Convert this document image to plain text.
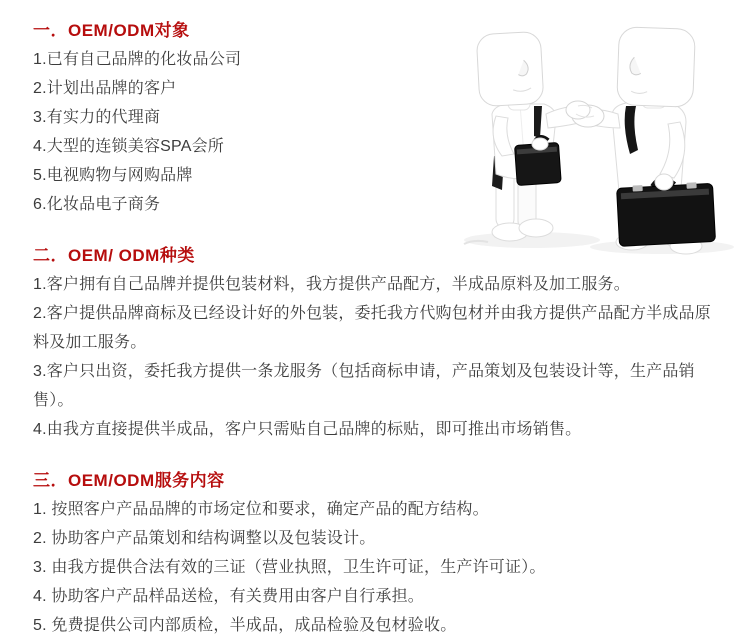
一．OEM/ODM对象

1.已有自己品牌的化妆品公司

2.计划出品牌的客户

3.有实力的代理商

4.大型的连锁美容SPA会所

5.电视购物与网购品牌

6.化妆品电子商务

二．OEM/ ODM种类

1.客户拥有自己品牌并提供包装材料，我方提供产品配方，半成品原料及加工服务。

2.客户提供品牌商标及已经设计好的外包装，委托我方代购包材并由我方提供产品配方半成品原料及加工服务。

3.客户只出资，委托我方提供一条龙服务（包括商标申请，产品策划及包装设计等，生产品销售）。

4.由我方直接提供半成品，客户只需贴自己品牌的标贴，即可推出市场销售。

三．OEM/ODM服务内容

1. 按照客户产品品牌的市场定位和要求，确定产品的配方结构。

2. 协助客户产品策划和结构调整以及包装设计。

3. 由我方提供合法有效的三证（营业执照，卫生许可证，生产许可证）。

4. 协助客户产品样品送检，有关费用由客户自行承担。

5. 免费提供公司内部质检，半成品，成品检验及包材验收。
